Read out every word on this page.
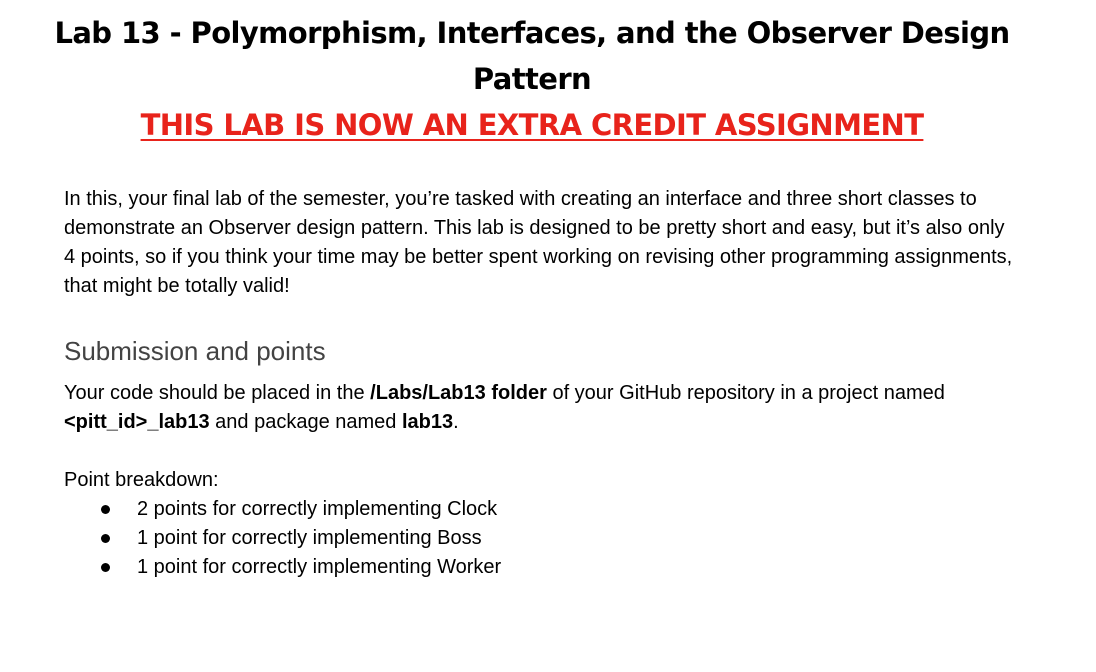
Lab 13 - Polymorphism, Interfaces, and the Observer Design Pattern
THIS LAB IS NOW AN EXTRA CREDIT ASSIGNMENT

In this, your final lab of the semester, you’re tasked with creating an interface and three short classes to demonstrate an Observer design pattern. This lab is designed to be pretty short and easy, but it’s also only 4 points, so if you think your time may be better spent working on revising other programming assignments, that might be totally valid!

Submission and points

Your code should be placed in the /Labs/Lab13 folder of your GitHub repository in a project named <pitt_id>_lab13 and package named lab13.

Point breakdown:

2 points for correctly implementing Clock
1 point for correctly implementing Boss
1 point for correctly implementing Worker
